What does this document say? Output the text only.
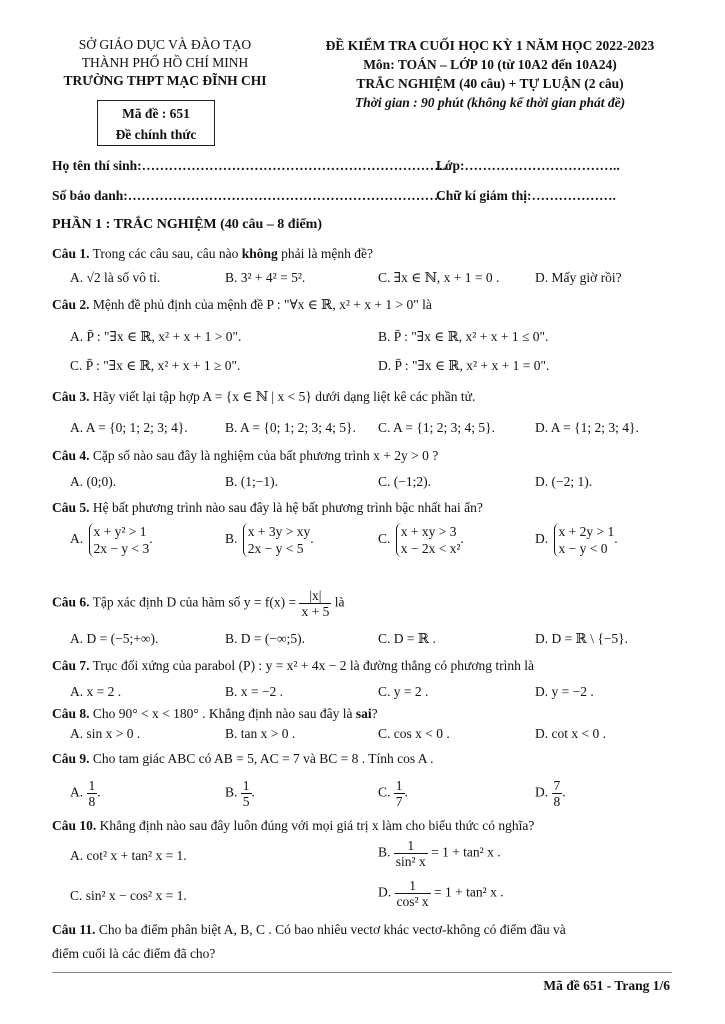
SỞ GIÁO DỤC VÀ ĐÀO TẠO
THÀNH PHỐ HỒ CHÍ MINH
TRƯỜNG THPT MẠC ĐĨNH CHI
ĐỀ KIỂM TRA CUỐI HỌC KỲ 1 NĂM HỌC 2022-2023
Môn: TOÁN – LỚP 10 (từ 10A2 đến 10A24)
TRẮC NGHIỆM (40 câu) + TỰ LUẬN (2 câu)
Thời gian : 90 phút (không kể thời gian phát đề)
Mã đề : 651
Đề chính thức
Họ tên thí sinh:……………………………………………………………
Lớp:……………………………..
Số báo danh:……………………………………………………………..
Chữ kí giám thị:……………….
PHẦN 1 : TRẮC NGHIỆM (40 câu – 8 điểm)
Câu 1. Trong các câu sau, câu nào không phải là mệnh đề?
A. √2 là số vô tỉ.	B. 3² + 4² = 5².	C. ∃x ∈ ℕ, x + 1 = 0 .	D. Mấy giờ rồi?
Câu 2. Mệnh đề phủ định của mệnh đề P : "∀x ∈ ℝ, x² + x + 1 > 0" là
A. P̄ : "∃x ∈ ℝ, x² + x + 1 > 0".	B. P̄ : "∃x ∈ ℝ, x² + x + 1 ≤ 0".
C. P̄ : "∃x ∈ ℝ, x² + x + 1 ≥ 0".	D. P̄ : "∃x ∈ ℝ, x² + x + 1 = 0".
Câu 3. Hãy viết lại tập hợp A = {x ∈ ℕ | x < 5} dưới dạng liệt kê các phần tử.
A. A = {0; 1; 2; 3; 4}.	B. A = {0; 1; 2; 3; 4; 5}. C. A = {1; 2; 3; 4; 5}.	D. A = {1; 2; 3; 4}.
Câu 4. Cặp số nào sau đây là nghiệm của bất phương trình x + 2y > 0 ?
A. (0;0).	B. (1;−1).	C. (−1;2).	D. (−2; 1).
Câu 5. Hệ bất phương trình nào sau đây là hệ bất phương trình bậc nhất hai ẩn?
A. x + y² > 1
2x − y < 3
.	B. x + 3y > xy
2x − y < 5
.	C. x + xy > 3
x − 2x < x²
.	D. x + 2y > 1
x − y < 0
.
Câu 6. Tập xác định D của hàm số $y = f(x) = \frac{|x|}{x + 5}$ là
A. D = (−5;+∞).	B. D = (−∞;5).	C. D = ℝ .	D. D = ℝ \ {−5}.
Câu 7. Trục đối xứng của parabol (P) : y = x² + 4x − 2 là đường thẳng có phương trình là
A. x = 2 .	B. x = −2 .	C. y = 2 .	D. y = −2 .
Câu 8. Cho 90° < x < 180° . Khẳng định nào sau đây là sai?
A. sin x > 0 .	B. tan x > 0 .	C. cos x < 0 .	D. cot x < 0 .
Câu 9. Cho tam giác ABC có AB = 5, AC = 7 và BC = 8 . Tính cos A .
A. $\frac{1}{8}$ .	B. $\frac{1}{5}$ .	C. $\frac{1}{7}$ .	D. $\frac{7}{8}$ .
Câu 10. Khẳng định nào sau đây luôn đúng với mọi giá trị x làm cho biểu thức có nghĩa?
A. cot² x + tan² x = 1.	B. $\frac{1}{\text{sin² x}} = 1 + \tan^2$ x .
C. sin² x − cos² x = 1.	D. $\frac{1}{\text{cos² x}} = 1 + \tan^2$ x .
Câu 11. Cho ba điểm phân biệt A, B, C . Có bao nhiêu vectơ khác vectơ-không có điểm đầu và
điểm cuối là các điểm đã cho?
Mã đề 651 - Trang 1/6
